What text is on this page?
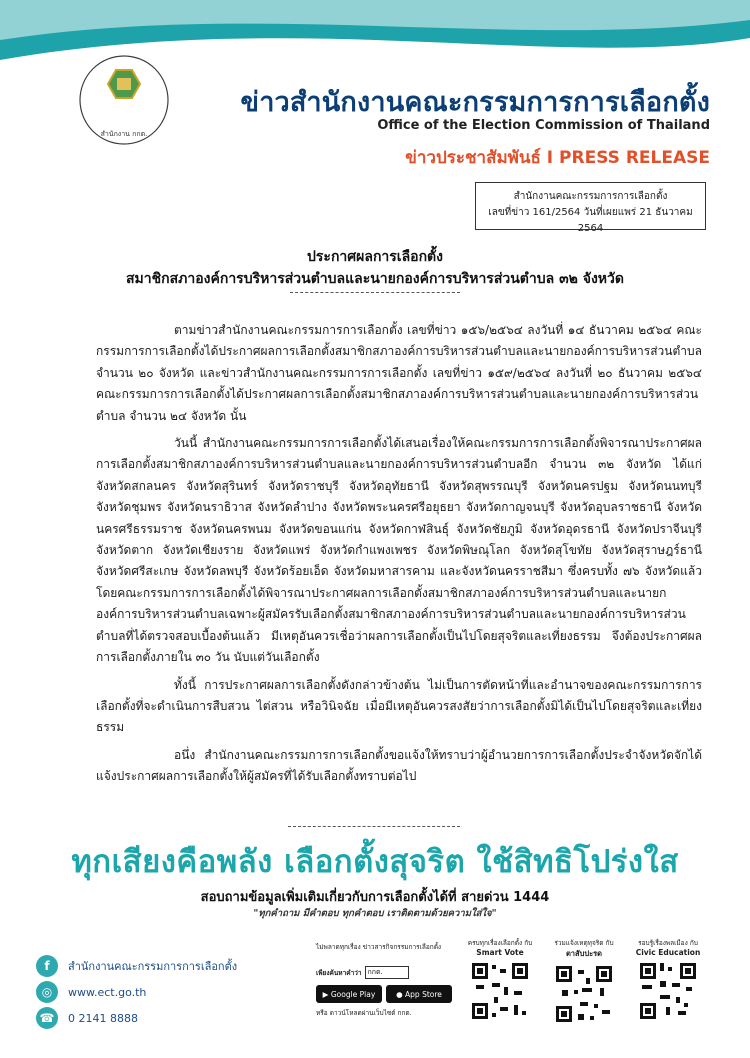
สำนักงาน กกต.
ข่าวสำนักงานคณะกรรมการการเลือกตั้ง
Office of the Election Commission of Thailand
ข่าวประชาสัมพันธ์ I PRESS RELEASE
สำนักงานคณะกรรมการการเลือกตั้ง
เลขที่ข่าว 161/2564 วันที่เผยแพร่ 21 ธันวาคม 2564
ประกาศผลการเลือกตั้ง
สมาชิกสภาองค์การบริหารส่วนตำบลและนายกองค์การบริหารส่วนตำบล ๓๒ จังหวัด

ตามข่าวสำนักงานคณะกรรมการการเลือกตั้ง เลขที่ข่าว ๑๕๖/๒๕๖๔ ลงวันที่ ๑๔ ธันวาคม ๒๕๖๔ คณะกรรมการการเลือกตั้งได้ประกาศผลการเลือกตั้งสมาชิกสภาองค์การบริหารส่วนตำบลและนายกองค์การบริหารส่วนตำบล จำนวน ๒๐ จังหวัด และข่าวสำนักงานคณะกรรมการการเลือกตั้ง เลขที่ข่าว ๑๕๙/๒๕๖๔ ลงวันที่ ๒๐ ธันวาคม ๒๕๖๔ คณะกรรมการการเลือกตั้งได้ประกาศผลการเลือกตั้งสมาชิกสภาองค์การบริหารส่วนตำบลและนายกองค์การบริหารส่วนตำบล จำนวน ๒๔ จังหวัด นั้น

วันนี้ สำนักงานคณะกรรมการการเลือกตั้งได้เสนอเรื่องให้คณะกรรมการการเลือกตั้งพิจารณาประกาศผลการเลือกตั้งสมาชิกสภาองค์การบริหารส่วนตำบลและนายกองค์การบริหารส่วนตำบลอีก จำนวน ๓๒ จังหวัด ได้แก่ จังหวัดสกลนคร จังหวัดสุรินทร์ จังหวัดราชบุรี จังหวัดอุทัยธานี จังหวัดสุพรรณบุรี จังหวัดนครปฐม จังหวัดนนทบุรี จังหวัดชุมพร จังหวัดนราธิวาส จังหวัดลำปาง จังหวัดพระนครศรีอยุธยา จังหวัดกาญจนบุรี จังหวัดอุบลราชธานี จังหวัดนครศรีธรรมราช จังหวัดนครพนม จังหวัดขอนแก่น จังหวัดกาฬสินธุ์ จังหวัดชัยภูมิ จังหวัดอุดรธานี จังหวัดปราจีนบุรี จังหวัดตาก จังหวัดเชียงราย จังหวัดแพร่ จังหวัดกำแพงเพชร จังหวัดพิษณุโลก จังหวัดสุโขทัย จังหวัดสุราษฎร์ธานี จังหวัดศรีสะเกษ จังหวัดลพบุรี จังหวัดร้อยเอ็ด จังหวัดมหาสารคาม และจังหวัดนครราชสีมา ซึ่งครบทั้ง ๗๖ จังหวัดแล้ว โดยคณะกรรมการการเลือกตั้งได้พิจารณาประกาศผลการเลือกตั้งสมาชิกสภาองค์การบริหารส่วนตำบลและนายกองค์การบริหารส่วนตำบลเฉพาะผู้สมัครรับเลือกตั้งสมาชิกสภาองค์การบริหารส่วนตำบลและนายกองค์การบริหารส่วนตำบลที่ได้ตรวจสอบเบื้องต้นแล้ว มีเหตุอันควรเชื่อว่าผลการเลือกตั้งเป็นไปโดยสุจริตและเที่ยงธรรม จึงต้องประกาศผลการเลือกตั้งภายใน ๓๐ วัน นับแต่วันเลือกตั้ง

ทั้งนี้ การประกาศผลการเลือกตั้งดังกล่าวข้างต้น ไม่เป็นการตัดหน้าที่และอำนาจของคณะกรรมการการเลือกตั้งที่จะดำเนินการสืบสวน ไต่สวน หรือวินิจฉัย เมื่อมีเหตุอันควรสงสัยว่าการเลือกตั้งมิได้เป็นไปโดยสุจริตและเที่ยงธรรม

อนึ่ง สำนักงานคณะกรรมการการเลือกตั้งขอแจ้งให้ทราบว่าผู้อำนวยการการเลือกตั้งประจำจังหวัดจักได้แจ้งประกาศผลการเลือกตั้งให้ผู้สมัครที่ได้รับเลือกตั้งทราบต่อไป

ทุกเสียงคือพลัง เลือกตั้งสุจริต ใช้สิทธิโปร่งใส
สอบถามข้อมูลเพิ่มเติมเกี่ยวกับการเลือกตั้งได้ที่ สายด่วน 1444
"ทุกคำถาม มีคำตอบ ทุกคำตอบ เราติดตามด้วยความใส่ใจ"
f	สำนักงานคณะกรรมการการเลือกตั้ง
◎	www.ect.go.th
☎	0 2141 8888
ไม่พลาดทุกเรื่อง ข่าวสารกิจกรรมการเลือกตั้ง
เพียงค้นหาคำว่า กกต.
▶ Google Play	● App Store
หรือ ดาวน์โหลดผ่านเว็บไซต์ กกต.
ครบทุกเรื่องเลือกตั้ง กับ
Smart Vote
ร่วมแจ้งเหตุทุจริต กับ
ตาสับปะรด
รอบรู้เรื่องพลเมือง กับ
Civic Education
